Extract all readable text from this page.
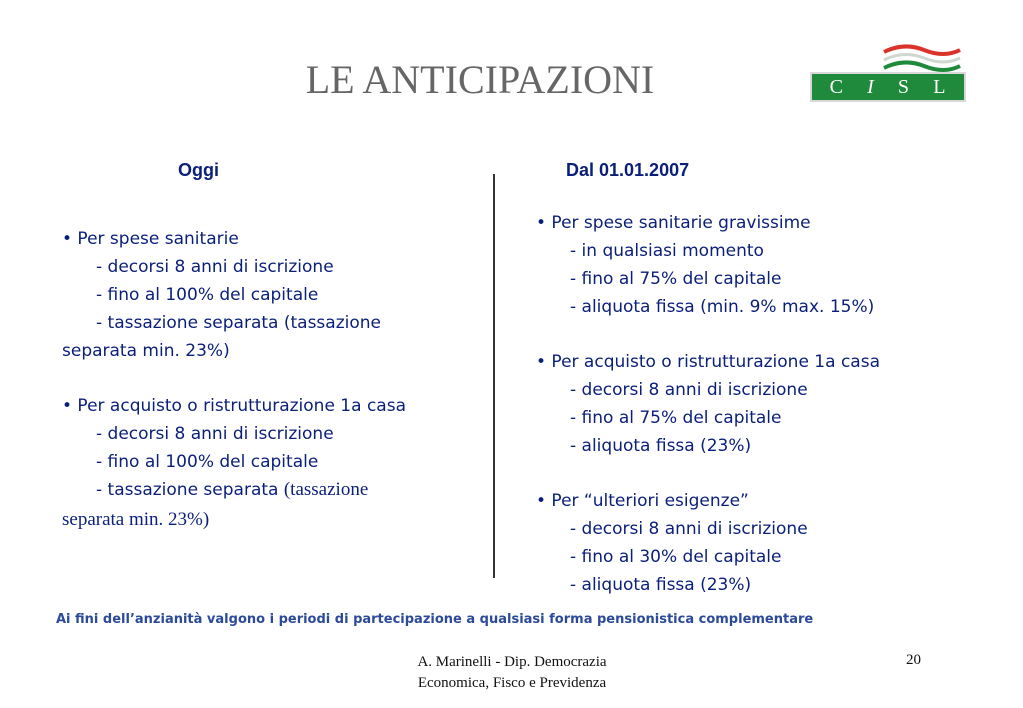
LE ANTICIPAZIONI	C I S L
Oggi	Dal 01.01.2007
• Per spese sanitarie
- decorsi 8 anni di iscrizione
- fino al 100% del capitale
- tassazione separata (tassazione
separata min. 23%)
• Per acquisto o ristrutturazione 1a casa
- decorsi 8 anni di iscrizione
- fino al 100% del capitale
- tassazione separata (tassazione
separata min. 23%)
• Per spese sanitarie gravissime
- in qualsiasi momento
- fino al 75% del capitale
- aliquota fissa (min. 9% max. 15%)
• Per acquisto o ristrutturazione 1a casa
- decorsi 8 anni di iscrizione
- fino al 75% del capitale
- aliquota fissa (23%)
• Per “ulteriori esigenze”
- decorsi 8 anni di iscrizione
- fino al 30% del capitale
- aliquota fissa (23%)
Ai fini dell’anzianità valgono i periodi di partecipazione a qualsiasi forma pensionistica complementare
A. Marinelli - Dip. Democrazia
Economica, Fisco e Previdenza
20
